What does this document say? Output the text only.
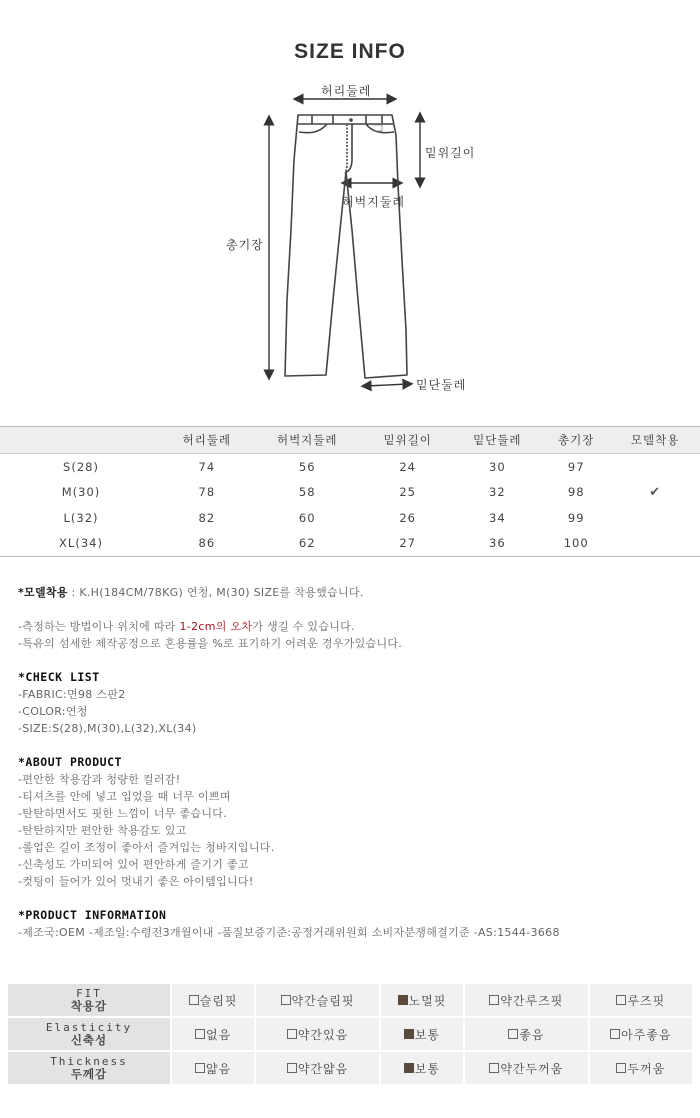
SIZE INFO
허리둘레
밑위길이
허벅지둘레
총기장
밑단둘레
	허리둘레	허벅지둘레	밑위길이	밑단둘레	총기장	모델착용
S(28)	74	56	24	30	97	
M(30)	78	58	25	32	98	✔
L(32)	82	60	26	34	99	
XL(34)	86	62	27	36	100	
*모델착용 : K.H(184CM/78KG) 연청, M(30) SIZE를 착용했습니다.
-측정하는 방법이나 위치에 따라 1-2cm의 오차가 생길 수 있습니다.
-특유의 섬세한 제작공정으로 혼용률을 %로 표기하기 어려운 경우가있습니다.
*CHECK LIST
-FABRIC:면98 스판2
-COLOR:연청
-SIZE:S(28),M(30),L(32),XL(34)
*ABOUT PRODUCT
-편안한 착용감과 청량한 컬러감!
-티셔츠를 안에 넣고 입었을 때 너무 이쁘며
-탄탄하면서도 핏한 느낌이 너무 좋습니다.
-탄탄하지만 편안한 착용감도 있고
-롤업은 길이 조정이 좋아서 즐겨입는 청바지입니다.
-신축성도 가미되어 있어 편안하게 즐기기 좋고
-컷팅이 들어가 있어 멋내기 좋은 아이템입니다!
*PRODUCT INFORMATION
-제조국:OEM -제조일:수령전3개월이내 -품질보증기준:공정거래위원회 소비자분쟁해결기준 -AS:1544-3668
FIT
착용감	슬림핏	약간슬림핏	노멀핏	약간루즈핏	루즈핏

Elasticity
신축성	없음	약간있음	보통	좋음	아주좋음

Thickness
두께감	얇음	약간얇음	보통	약간두꺼움	두꺼움
